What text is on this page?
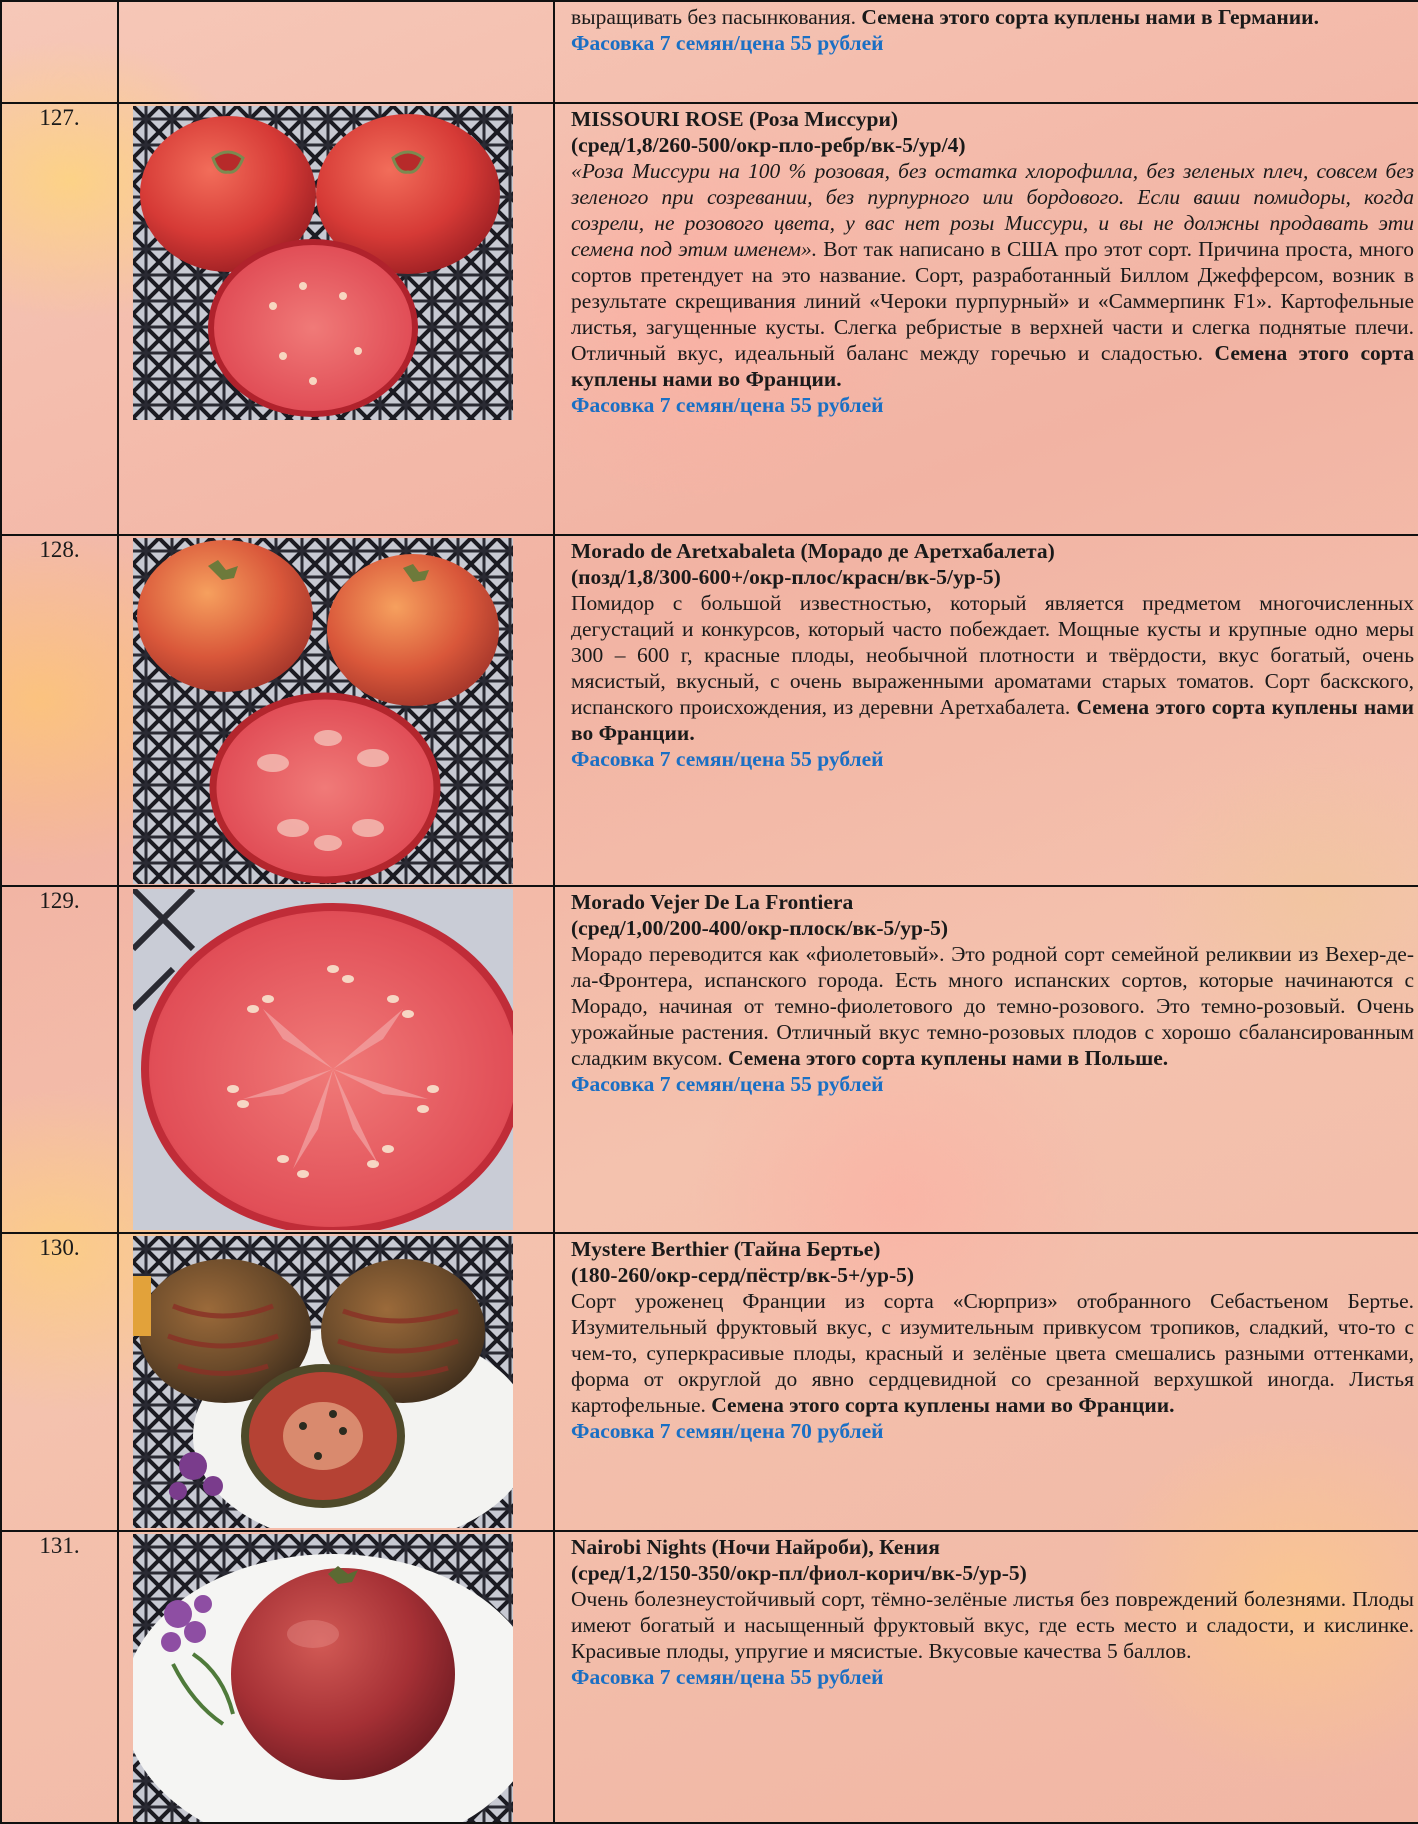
		выращивать без пасынкования. Семена этого сорта куплены нами в Германии.

Фасовка 7 семян/цена 55 рублей

127.		MISSOURI ROSE (Роза Миссури)

(сред/1,8/260-500/окр-пло-ребр/вк-5/ур/4)

«Роза Миссури на 100 % розовая, без остатка хлорофилла, без зеленых плеч, совсем без зеленого при созревании, без пурпурного или бордового. Если ваши помидоры, когда созрели, не розового цвета, у вас нет розы Миссури, и вы не должны продавать эти семена под этим именем». Вот так написано в США про этот сорт. Причина проста, много сортов претендует на это название. Сорт, разработанный Биллом Джефферсом, возник в результате скрещивания линий «Чероки пурпурный» и «Саммерпинк F1». Картофельные листья, загущенные кусты. Слегка ребристые в верхней части и слегка поднятые плечи. Отличный вкус, идеальный баланс между горечью и сладостью. Семена этого сорта куплены нами во Франции.

Фасовка 7 семян/цена 55 рублей

128.		Morado de Aretxabaleta (Морадо де Аретхабалета)

(позд/1,8/300-600+/окр-плос/красн/вк-5/ур-5)

Помидор с большой известностью, который является предметом многочисленных дегустаций и конкурсов, который часто побеждает. Мощные кусты и крупные одно меры 300 – 600 г, красные плоды, необычной плотности и твёрдости, вкус богатый, очень мясистый, вкусный, с очень выраженными ароматами старых томатов. Сорт баскского, испанского происхождения, из деревни Аретхабалета. Семена этого сорта куплены нами во Франции.

Фасовка 7 семян/цена 55 рублей

129.		Morado Vejer De La Frontiera

(сред/1,00/200-400/окр-плоск/вк-5/ур-5)

Морадо переводится как «фиолетовый». Это родной сорт семейной реликвии из Вехер-де-ла-Фронтера, испанского города. Есть много испанских сортов, которые начинаются с Морадо, начиная от темно-фиолетового до темно-розового. Это темно-розовый. Очень урожайные растения. Отличный вкус темно-розовых плодов с хорошо сбалансированным сладким вкусом. Семена этого сорта куплены нами в Польше.

Фасовка 7 семян/цена 55 рублей

130.		Mystere Berthier (Тайна Бертье)

(180-260/окр-серд/пёстр/вк-5+/ур-5)

Сорт уроженец Франции из сорта «Сюрприз» отобранного Себастьеном Бертье. Изумительный фруктовый вкус, с изумительным привкусом тропиков, сладкий, что-то с чем-то, суперкрасивые плоды, красный и зелёные цвета смешались разными оттенками, форма от округлой до явно сердцевидной со срезанной верхушкой иногда. Листья картофельные. Семена этого сорта куплены нами во Франции.

Фасовка 7 семян/цена 70 рублей

131.		Nairobi Nights (Ночи Найроби), Кения

(сред/1,2/150-350/окр-пл/фиол-корич/вк-5/ур-5)

Очень болезнеустойчивый сорт, тёмно-зелёные листья без повреждений болезнями. Плоды имеют богатый и насыщенный фруктовый вкус, где есть место и сладости, и кислинке. Красивые плоды, упругие и мясистые. Вкусовые качества 5 баллов.

Фасовка 7 семян/цена 55 рублей
